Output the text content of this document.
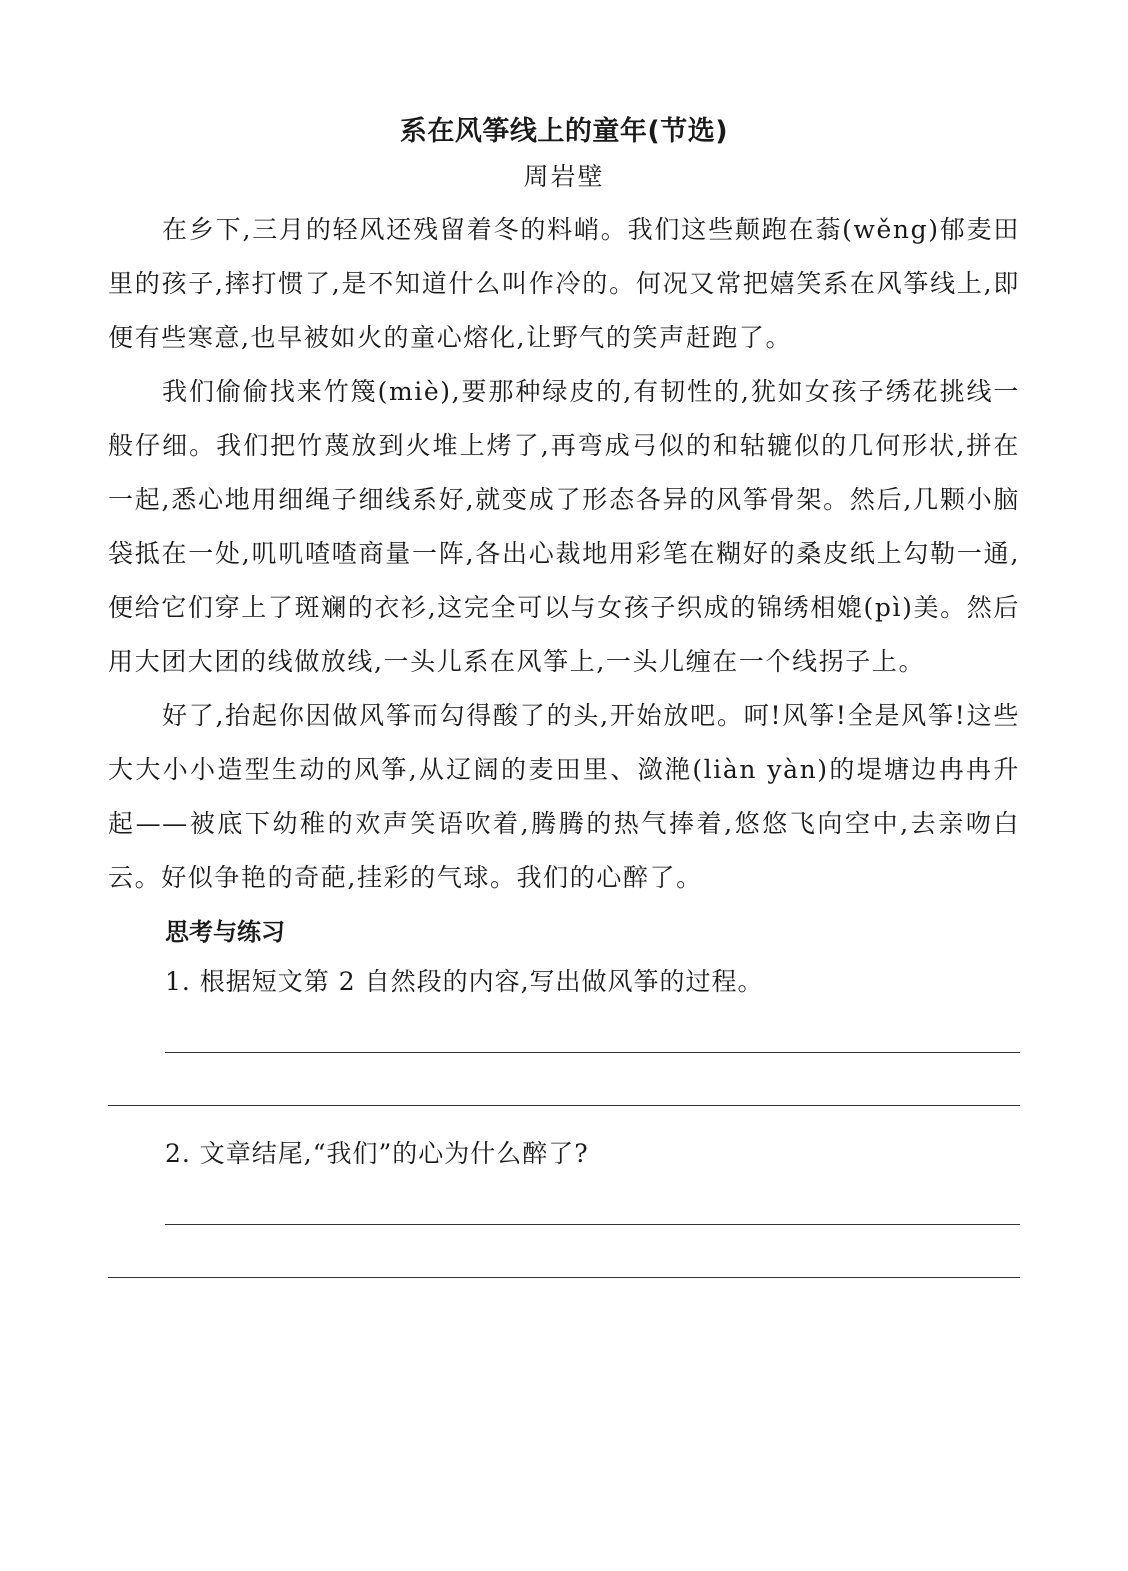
系在风筝线上的童年(节选)
周岩壁

在乡下,三月的轻风还残留着冬的料峭。我们这些颠跑在蓊(wěng)郁麦田里的孩子,摔打惯了,是不知道什么叫作冷的。何况又常把嬉笑系在风筝线上,即便有些寒意,也早被如火的童心熔化,让野气的笑声赶跑了。

我们偷偷找来竹篾(miè),要那种绿皮的,有韧性的,犹如女孩子绣花挑线一般仔细。我们把竹蔑放到火堆上烤了,再弯成弓似的和轱辘似的几何形状,拼在一起,悉心地用细绳子细线系好,就变成了形态各异的风筝骨架。然后,几颗小脑袋抵在一处,叽叽喳喳商量一阵,各出心裁地用彩笔在糊好的桑皮纸上勾勒一通,便给它们穿上了斑斓的衣衫,这完全可以与女孩子织成的锦绣相媲(pì)美。然后用大团大团的线做放线,一头儿系在风筝上,一头儿缠在一个线拐子上。

好了,抬起你因做风筝而勾得酸了的头,开始放吧。呵!风筝!全是风筝!这些大大小小造型生动的风筝,从辽阔的麦田里、潋滟(liàn yàn)的堤塘边冉冉升起——被底下幼稚的欢声笑语吹着,腾腾的热气捧着,悠悠飞向空中,去亲吻白云。好似争艳的奇葩,挂彩的气球。我们的心醉了。

思考与练习
1. 根据短文第 2 自然段的内容,写出做风筝的过程。
2. 文章结尾,“我们”的心为什么醉了?
